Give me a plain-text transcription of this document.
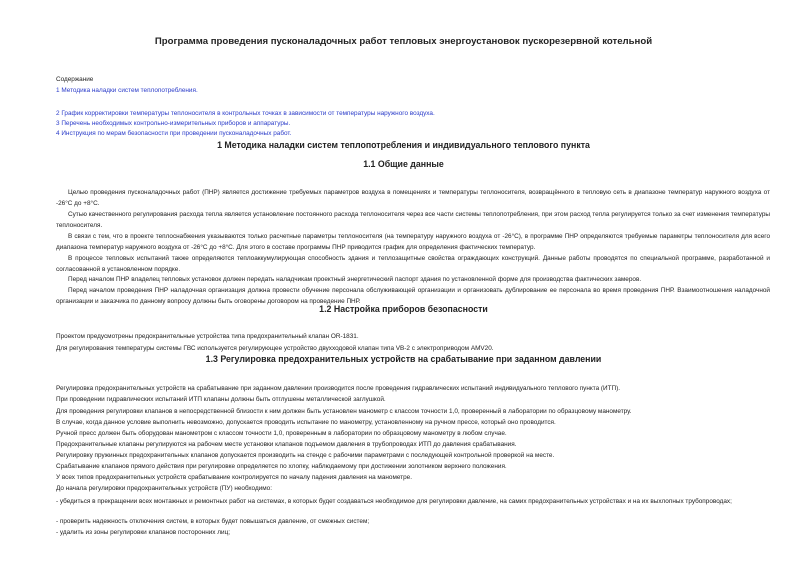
Программа проведения пусконаладочных работ тепловых энергоустановок пускорезервной котельной
Содержание
1 Методика наладки систем теплопотребления.
2 График корректировки температуры теплоносителя в контрольных точках в зависимости от температуры наружного воздуха.
3 Перечень необходимых контрольно-измерительных приборов и аппаратуры.
4 Инструкция по мерам безопасности при проведении пусконаладочных работ.
1 Методика наладки систем теплопотребления и индивидуального теплового пункта
1.1 Общие данные
Целью проведения пусконаладочных работ (ПНР) является достижение требуемых параметров воздуха в помещениях и температуры теплоносителя, возвращённого в тепловую сеть в диапазоне температур наружного воздуха от -26°С до +8°С.
Сутью качественного регулирования расхода тепла является установление постоянного расхода теплоносителя через все части системы теплопотребления, при этом расход тепла регулируется только за счет изменения температуры теплоносителя.
В связи с тем, что в проекте теплоснабжения указываются только расчетные параметры теплоносителя (на температуру наружного воздуха от -26°С), в программе ПНР определяются требуемые параметры теплоносителя для всего диапазона температур наружного воздуха от -26°С до +8°С. Для этого в составе программы ПНР приводится график для определения фактических температур.
В процессе тепловых испытаний также определяются теплоаккумулирующая способность здания и теплозащитные свойства ограждающих конструкций. Данные работы проводятся по специальной программе, разработанной и согласованной в установленном порядке.
Перед началом ПНР владелец тепловых установок должен передать наладчикам проектный энергетический паспорт здания по установленной форме для производства фактических замеров.
Перед началом проведения ПНР наладочная организация должна провести обучение персонала обслуживающей организации и организовать дублирование ее персонала во время проведения ПНР. Взаимоотношения наладочной организации и заказчика по данному вопросу должны быть оговорены договором на проведение ПНР.
1.2 Настройка приборов безопасности
Проектом предусмотрены предохранительные устройства типа предохранительный клапан OR-1831.
Для регулирования температуры системы ГВС используется регулирующее устройство двухходовой клапан типа VB-2 с электроприводом AMV20.
1.3 Регулировка предохранительных устройств на срабатывание при заданном давлении
Регулировка предохранительных устройств на срабатывание при заданном давлении производится после проведения гидравлических испытаний индивидуального теплового пункта (ИТП).
При проведении гидравлических испытаний ИТП клапаны должны быть отглушены металлической заглушкой.
Для проведения регулировки клапанов в непосредственной близости к ним должен быть установлен манометр с классом точности 1,0, проверенный в лаборатории по образцовому манометру.
В случае, когда данное условие выполнить невозможно, допускается проводить испытание по манометру, установленному на ручном прессе, который оно проводится.
Ручной пресс должен быть оборудован манометром с классом точности 1,0, проверенным в лаборатории по образцовому манометру в любом случае.
Предохранительные клапаны регулируются на рабочем месте установки клапанов подъемом давления в трубопроводах ИТП до давления срабатывания.
Регулировку пружинных предохранительных клапанов допускается производить на стенде с рабочими параметрами с последующей контрольной проверкой на месте.
Срабатывание клапанов прямого действия при регулировке определяется по хлопку, наблюдаемому при достижении золотником верхнего положения.
У всех типов предохранительных устройств срабатывание контролируется по началу падения давления на манометре.
До начала регулировки предохранительных устройств (ПУ) необходимо:
- убедиться в прекращении всех монтажных и ремонтных работ на системах, в которых будет создаваться необходимое для регулировки давление, на самих предохранительных устройствах и на их выхлопных трубопроводах;
- проверить надежность отключения систем, в которых будет повышаться давление, от смежных систем;
- удалить из зоны регулировки клапанов посторонних лиц;
